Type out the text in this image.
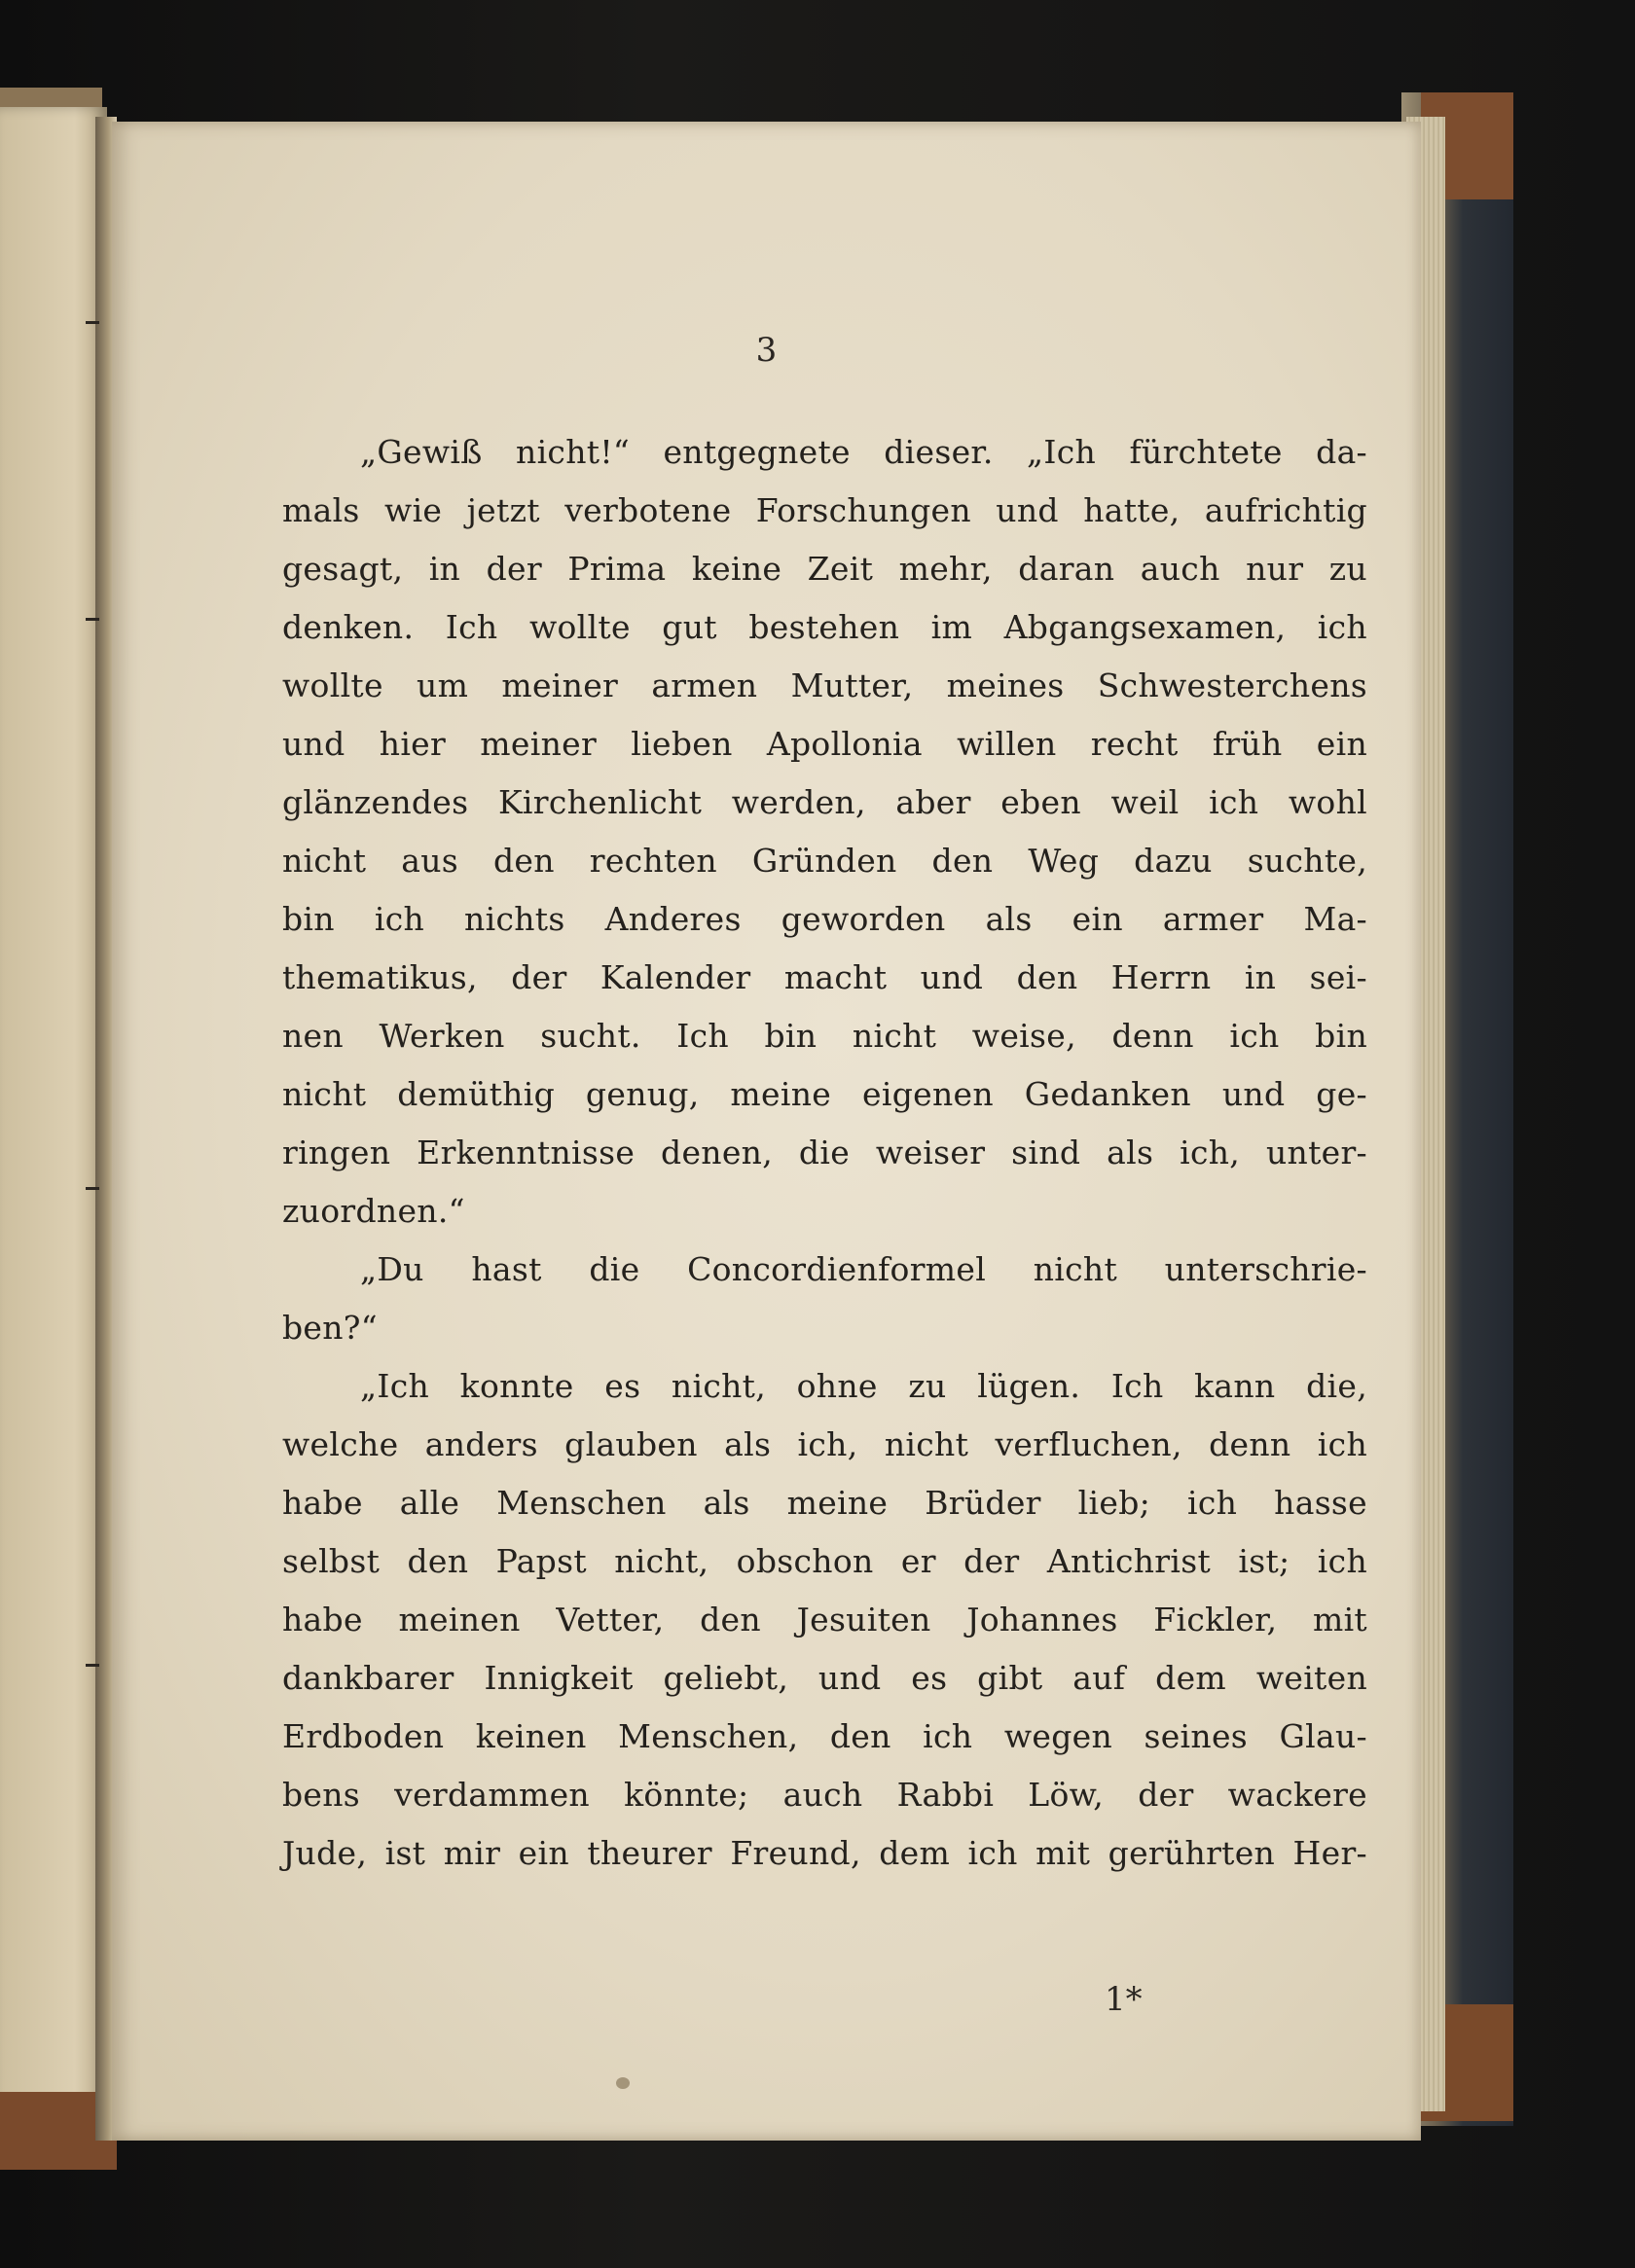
3
„Gewiß nicht!“ entgegnete dieser. „Ich fürchtete da-
mals wie jetzt verbotene Forschungen und hatte, aufrichtig
gesagt, in der Prima keine Zeit mehr, daran auch nur zu
denken. Ich wollte gut bestehen im Abgangsexamen, ich
wollte um meiner armen Mutter, meines Schwesterchens
und hier meiner lieben Apollonia willen recht früh ein
glänzendes Kirchenlicht werden, aber eben weil ich wohl
nicht aus den rechten Gründen den Weg dazu suchte,
bin ich nichts Anderes geworden als ein armer Ma-
thematikus, der Kalender macht und den Herrn in sei-
nen Werken sucht. Ich bin nicht weise, denn ich bin
nicht demüthig genug, meine eigenen Gedanken und ge-
ringen Erkenntnisse denen, die weiser sind als ich, unter-
zuordnen.“
„Du hast die Concordienformel nicht unterschrie-
ben?“
„Ich konnte es nicht, ohne zu lügen. Ich kann die,
welche anders glauben als ich, nicht verfluchen, denn ich
habe alle Menschen als meine Brüder lieb; ich hasse
selbst den Papst nicht, obschon er der Antichrist ist; ich
habe meinen Vetter, den Jesuiten Johannes Fickler, mit
dankbarer Innigkeit geliebt, und es gibt auf dem weiten
Erdboden keinen Menschen, den ich wegen seines Glau-
bens verdammen könnte; auch Rabbi Löw, der wackere
Jude, ist mir ein theurer Freund, dem ich mit gerührten Her-
1*
